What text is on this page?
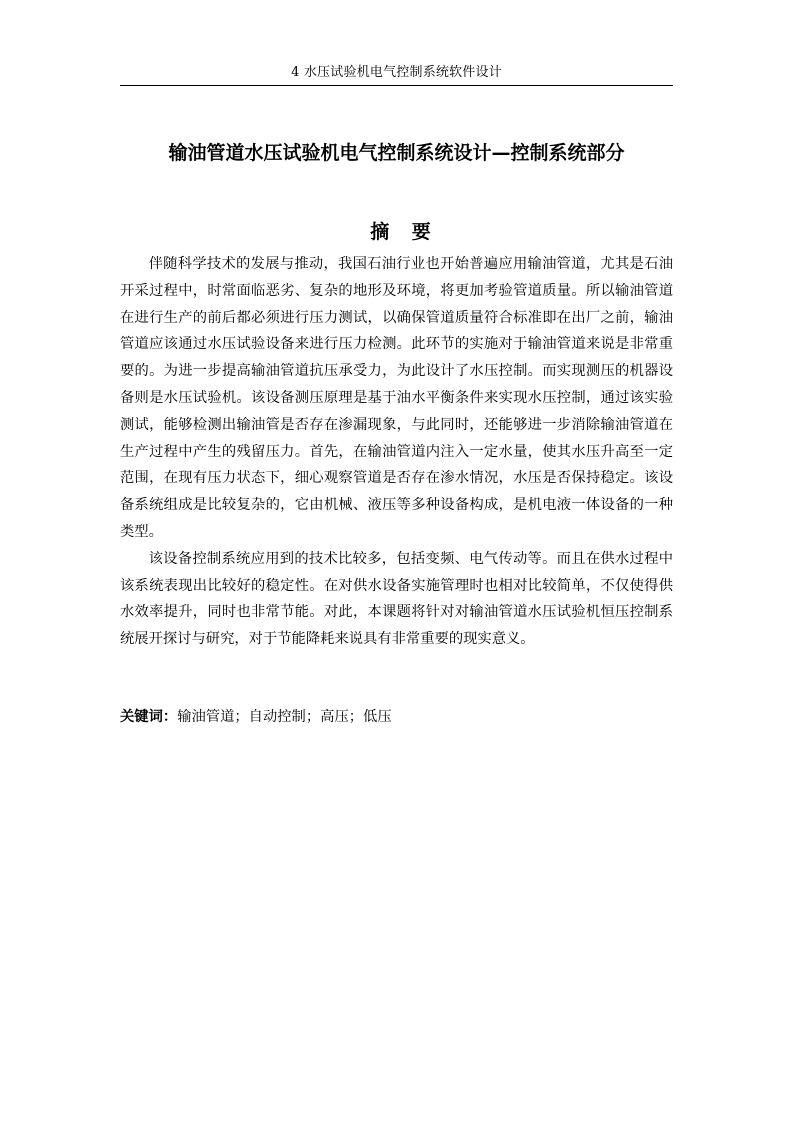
4 水压试验机电气控制系统软件设计
输油管道水压试验机电气控制系统设计—控制系统部分
摘 要

伴随科学技术的发展与推动，我国石油行业也开始普遍应用输油管道，尤其是石油开采过程中，时常面临恶劣、复杂的地形及环境，将更加考验管道质量。所以输油管道在进行生产的前后都必须进行压力测试，以确保管道质量符合标准即在出厂之前，输油管道应该通过水压试验设备来进行压力检测。此环节的实施对于输油管道来说是非常重要的。为进一步提高输油管道抗压承受力，为此设计了水压控制。而实现测压的机器设备则是水压试验机。该设备测压原理是基于油水平衡条件来实现水压控制，通过该实验测试，能够检测出输油管是否存在渗漏现象，与此同时，还能够进一步消除输油管道在生产过程中产生的残留压力。首先，在输油管道内注入一定水量，使其水压升高至一定范围，在现有压力状态下，细心观察管道是否存在渗水情况，水压是否保持稳定。该设备系统组成是比较复杂的，它由机械、液压等多种设备构成，是机电液一体设备的一种类型。

该设备控制系统应用到的技术比较多，包括变频、电气传动等。而且在供水过程中该系统表现出比较好的稳定性。在对供水设备实施管理时也相对比较简单，不仅使得供水效率提升，同时也非常节能。对此，本课题将针对对输油管道水压试验机恒压控制系统展开探讨与研究，对于节能降耗来说具有非常重要的现实意义。

关键词：输油管道；自动控制；高压；低压
